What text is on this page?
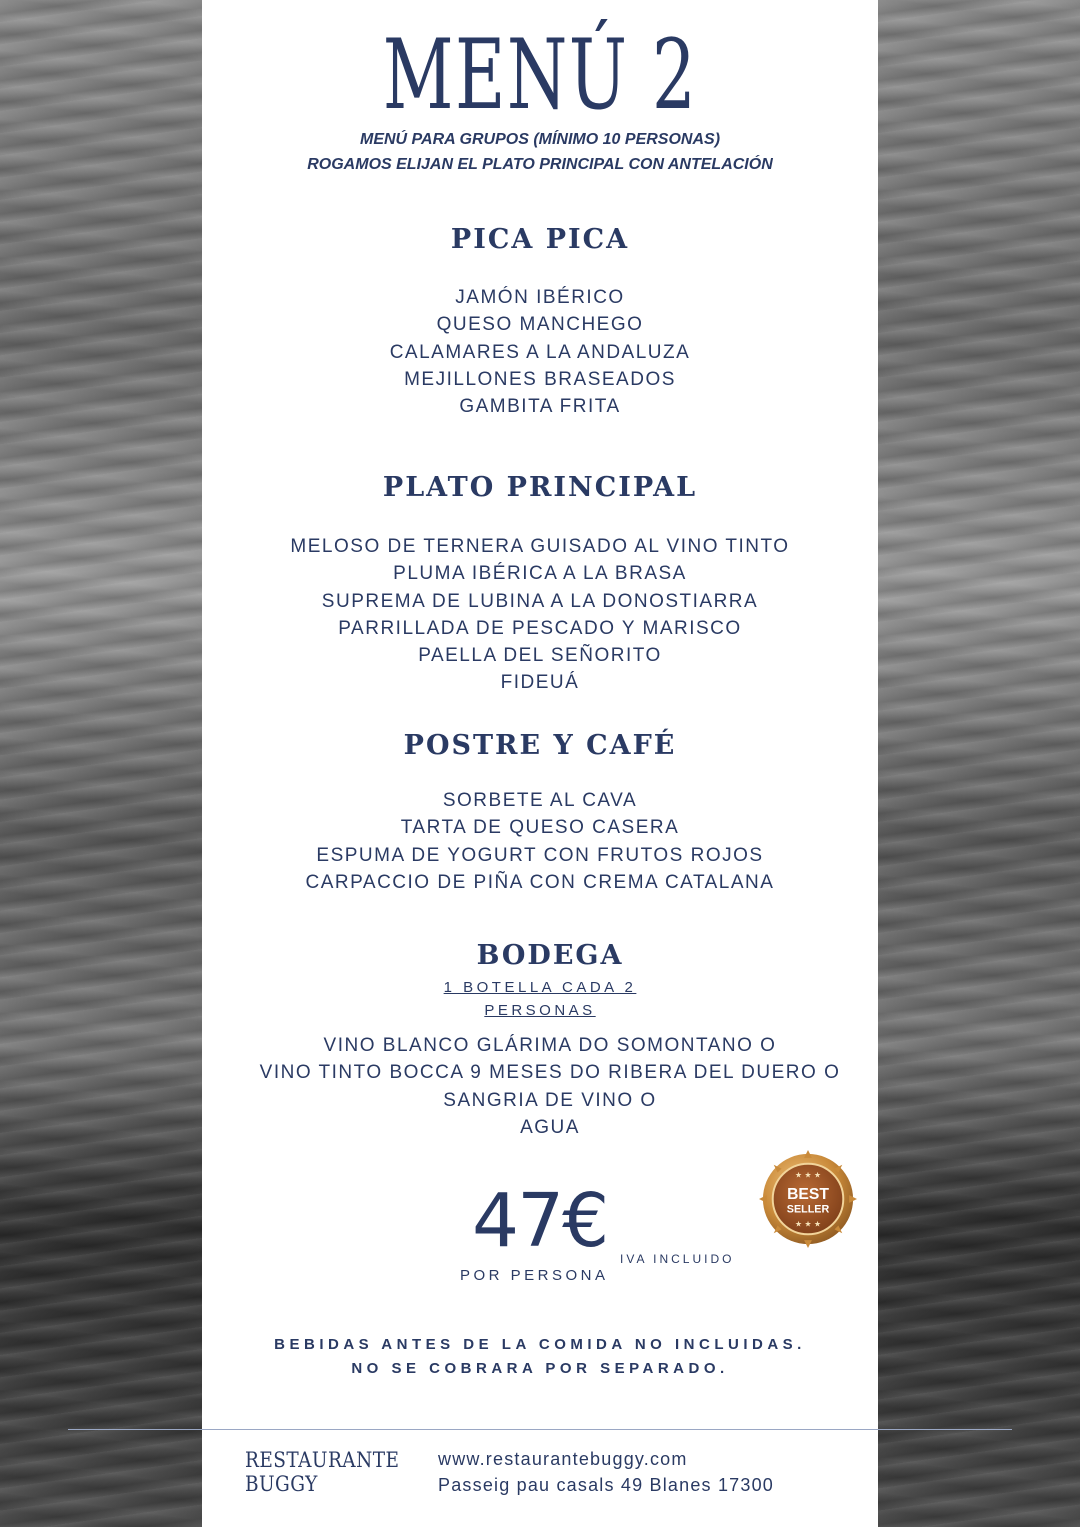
MENÚ 2
MENÚ PARA GRUPOS (MÍNIMO 10 PERSONAS)
ROGAMOS ELIJAN EL PLATO PRINCIPAL CON ANTELACIÓN
PICA PICA
JAMÓN IBÉRICO
QUESO MANCHEGO
CALAMARES A LA ANDALUZA
MEJILLONES BRASEADOS
GAMBITA FRITA
PLATO PRINCIPAL
MELOSO DE TERNERA GUISADO AL VINO TINTO
PLUMA IBÉRICA A LA BRASA
SUPREMA DE LUBINA A LA DONOSTIARRA
PARRILLADA DE PESCADO Y MARISCO
PAELLA DEL SEÑORITO
FIDEUÁ
POSTRE Y CAFÉ
SORBETE AL CAVA
TARTA DE QUESO CASERA
ESPUMA DE YOGURT CON FRUTOS ROJOS
CARPACCIO DE PIÑA CON CREMA CATALANA
BODEGA
1 BOTELLA CADA 2
PERSONAS
VINO BLANCO GLÁRIMA DO SOMONTANO O
VINO TINTO BOCCA 9 MESES DO RIBERA DEL DUERO O
SANGRIA DE VINO O
AGUA
47€ IVA INCLUIDO
POR PERSONA
★ ★ ★
BEST
SELLER
★ ★ ★
BEBIDAS ANTES DE LA COMIDA NO INCLUIDAS.
NO SE COBRARA POR SEPARADO.
RESTAURANTE
BUGGY
www.restaurantebuggy.com
Passeig pau casals 49 Blanes 17300
